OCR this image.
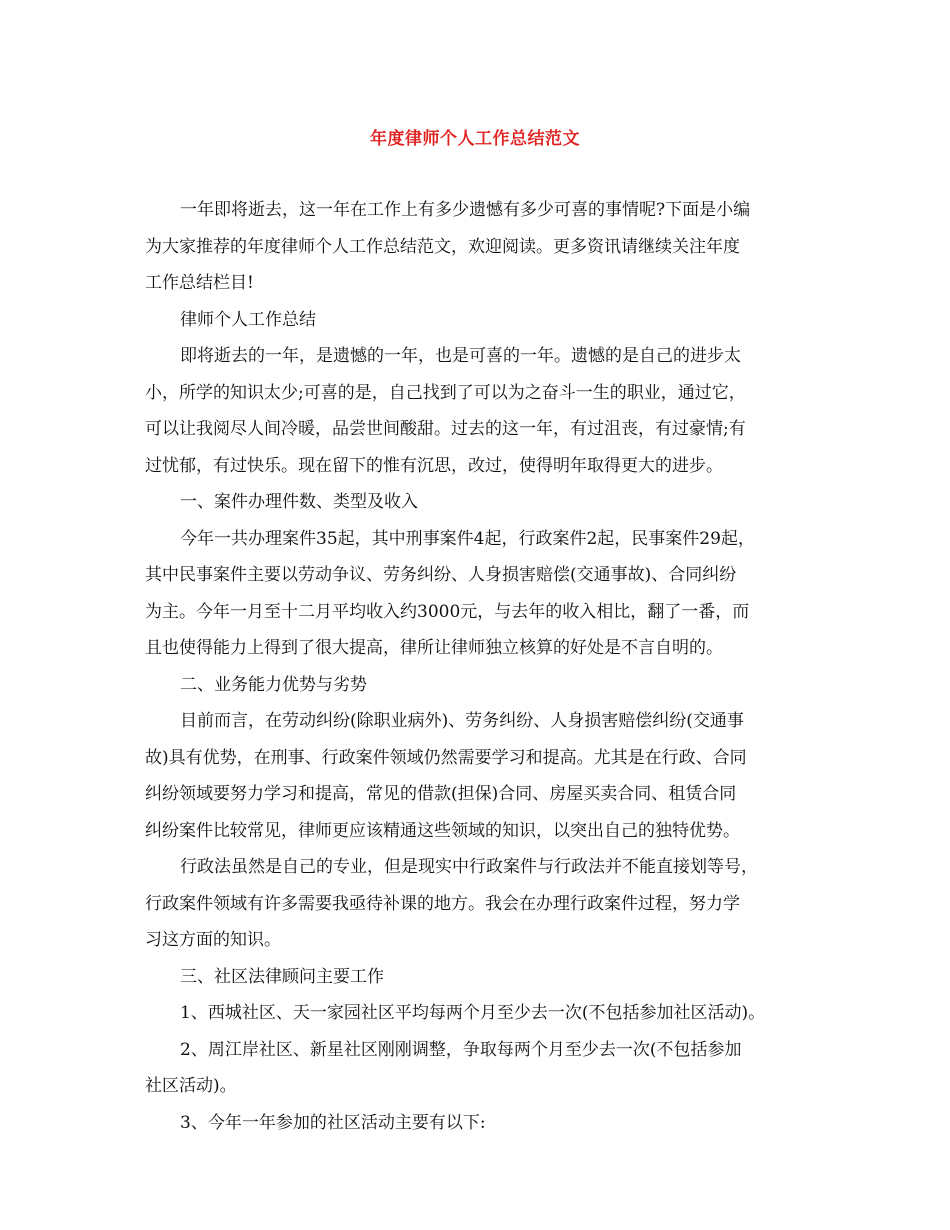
年度律师个人工作总结范文
一年即将逝去，这一年在工作上有多少遗憾有多少可喜的事情呢?下面是小编
为大家推荐的年度律师个人工作总结范文，欢迎阅读。更多资讯请继续关注年度
工作总结栏目!
律师个人工作总结
即将逝去的一年，是遗憾的一年，也是可喜的一年。遗憾的是自己的进步太
小，所学的知识太少;可喜的是，自己找到了可以为之奋斗一生的职业，通过它，
可以让我阅尽人间冷暖，品尝世间酸甜。过去的这一年，有过沮丧，有过豪情;有
过忧郁，有过快乐。现在留下的惟有沉思，改过，使得明年取得更大的进步。
一、案件办理件数、类型及收入
今年一共办理案件35起，其中刑事案件4起，行政案件2起，民事案件29起，
其中民事案件主要以劳动争议、劳务纠纷、人身损害赔偿(交通事故)、合同纠纷
为主。今年一月至十二月平均收入约3000元，与去年的收入相比，翻了一番，而
且也使得能力上得到了很大提高，律所让律师独立核算的好处是不言自明的。
二、业务能力优势与劣势
目前而言，在劳动纠纷(除职业病外)、劳务纠纷、人身损害赔偿纠纷(交通事
故)具有优势，在刑事、行政案件领域仍然需要学习和提高。尤其是在行政、合同
纠纷领域要努力学习和提高，常见的借款(担保)合同、房屋买卖合同、租赁合同
纠纷案件比较常见，律师更应该精通这些领域的知识，以突出自己的独特优势。
行政法虽然是自己的专业，但是现实中行政案件与行政法并不能直接划等号，
行政案件领域有许多需要我亟待补课的地方。我会在办理行政案件过程，努力学
习这方面的知识。
三、社区法律顾问主要工作
1、西城社区、天一家园社区平均每两个月至少去一次(不包括参加社区活动)。
2、周江岸社区、新星社区刚刚调整，争取每两个月至少去一次(不包括参加
社区活动)。
3、今年一年参加的社区活动主要有以下:
